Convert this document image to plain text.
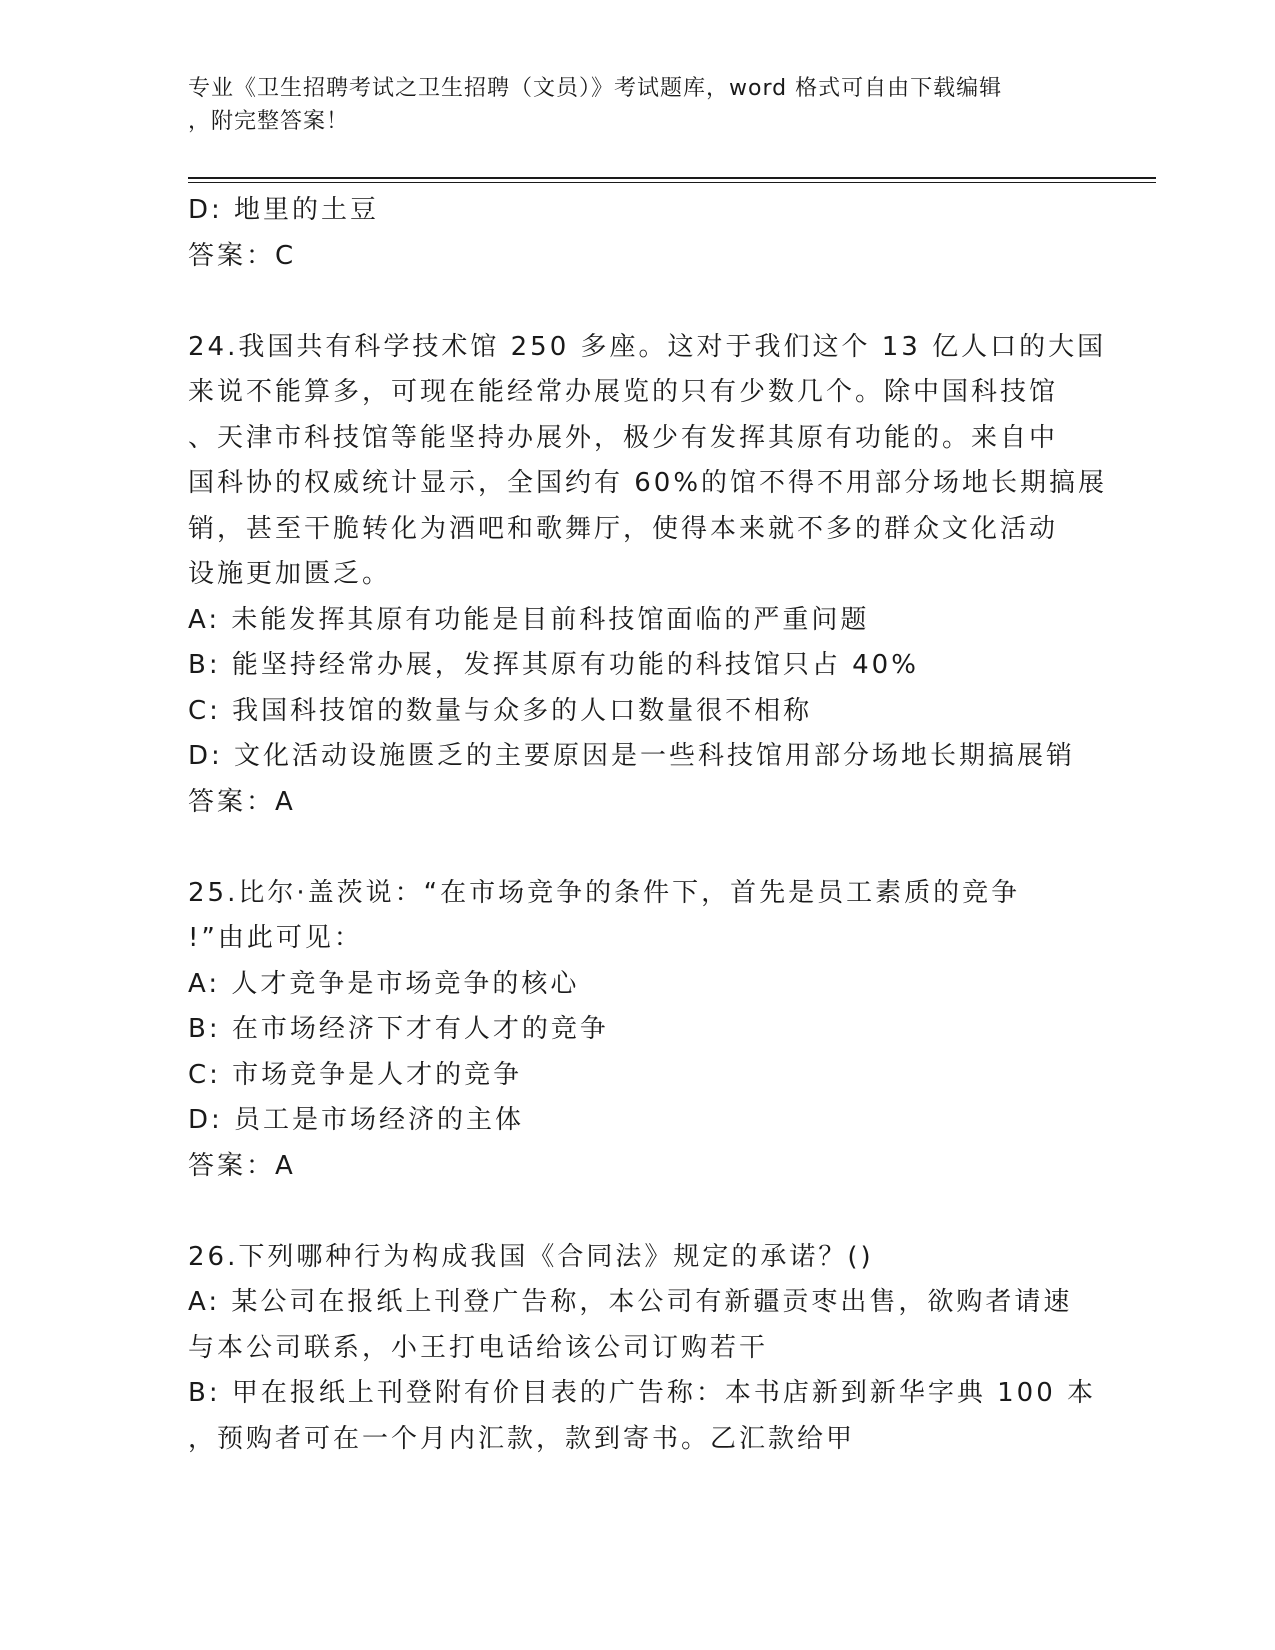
专业《卫生招聘考试之卫生招聘（文员）》考试题库，word 格式可自由下载编辑
，附完整答案！
D: 地里的土豆
答案：C
24.我国共有科学技术馆 250 多座。这对于我们这个 13 亿人口的大国
来说不能算多，可现在能经常办展览的只有少数几个。除中国科技馆
、天津市科技馆等能坚持办展外，极少有发挥其原有功能的。来自中
国科协的权威统计显示，全国约有 60%的馆不得不用部分场地长期搞展
销，甚至干脆转化为酒吧和歌舞厅，使得本来就不多的群众文化活动
设施更加匮乏。
A: 未能发挥其原有功能是目前科技馆面临的严重问题
B: 能坚持经常办展，发挥其原有功能的科技馆只占 40%
C: 我国科技馆的数量与众多的人口数量很不相称
D: 文化活动设施匮乏的主要原因是一些科技馆用部分场地长期搞展销
答案：A
25.比尔·盖茨说：“在市场竞争的条件下，首先是员工素质的竞争
!”由此可见：
A: 人才竞争是市场竞争的核心
B: 在市场经济下才有人才的竞争
C: 市场竞争是人才的竞争
D: 员工是市场经济的主体
答案：A
26.下列哪种行为构成我国《合同法》规定的承诺？()
A: 某公司在报纸上刊登广告称，本公司有新疆贡枣出售，欲购者请速
与本公司联系，小王打电话给该公司订购若干
B: 甲在报纸上刊登附有价目表的广告称：本书店新到新华字典 100 本
，预购者可在一个月内汇款，款到寄书。乙汇款给甲
